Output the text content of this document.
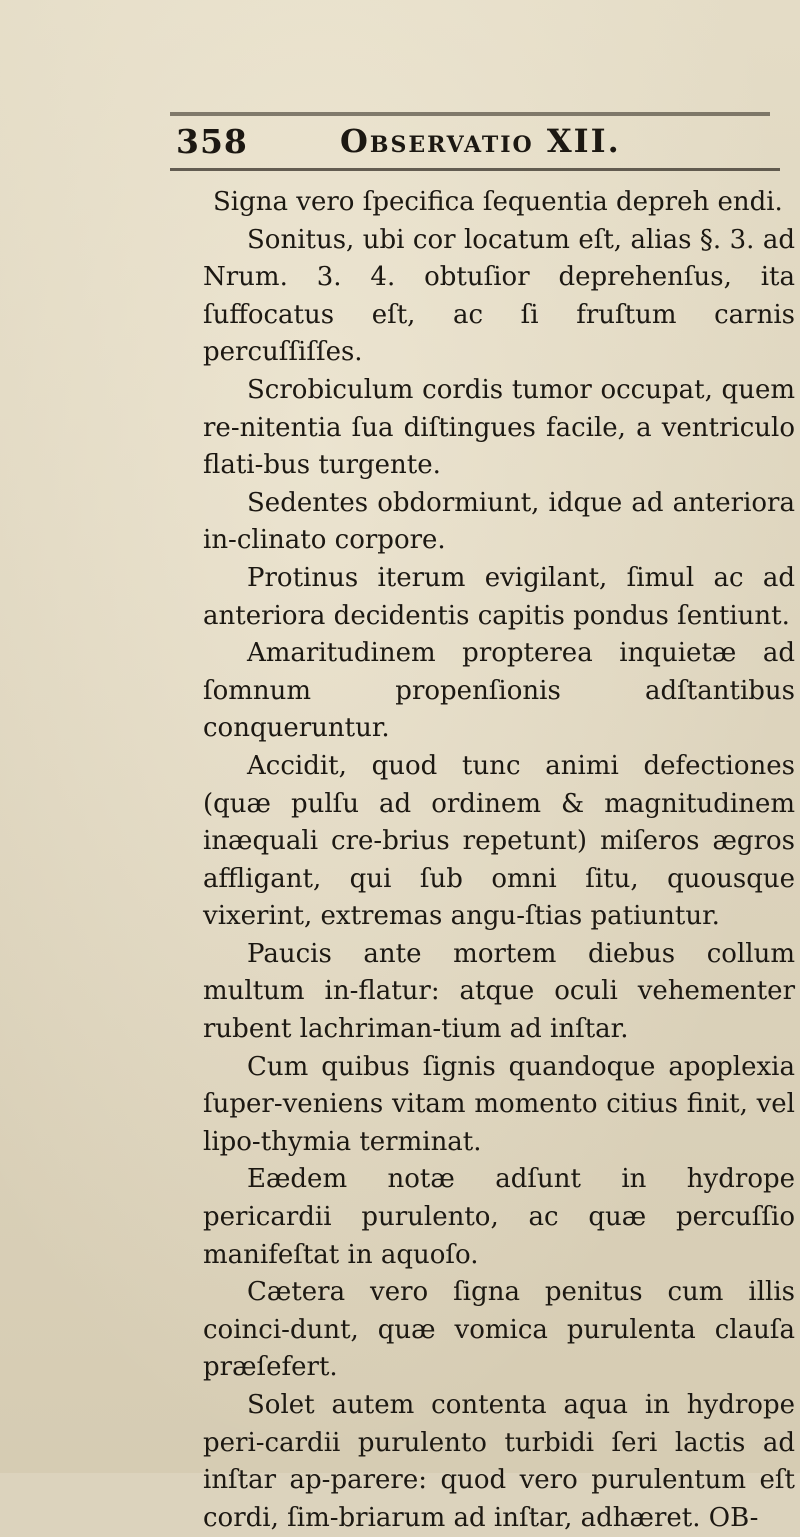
358	Observatio XII.

Signa vero ſpecifica ſequentia depreh endi.

Sonitus, ubi cor locatum eſt, alias §. 3. ad Nrum. 3. 4. obtuſior deprehenſus, ita ſuffocatus eſt, ac ſi fruſtum carnis percuſſiſſes.

Scrobiculum cordis tumor occupat, quem re-nitentia ſua diſtingues facile, a ventriculo flati-bus turgente.

Sedentes obdormiunt, idque ad anteriora in-clinato corpore.

Protinus iterum evigilant, ſimul ac ad anteriora decidentis capitis pondus ſentiunt.

Amaritudinem propterea inquietæ ad ſomnum propenſionis adſtantibus conqueruntur.

Accidit, quod tunc animi defectiones (quæ pulſu ad ordinem & magnitudinem inæquali cre-brius repetunt) miſeros ægros affligant, qui ſub omni ſitu, quousque vixerint, extremas angu-ſtias patiuntur.

Paucis ante mortem diebus collum multum in-flatur: atque oculi vehementer rubent lachriman-tium ad inſtar.

Cum quibus ſignis quandoque apoplexia ſuper-veniens vitam momento citius finit, vel lipo-thymia terminat.

Eædem notæ adſunt in hydrope pericardii purulento, ac quæ percuſſio manifeſtat in aquoſo.

Cætera vero ſigna penitus cum illis coinci-dunt, quæ vomica purulenta clauſa præſefert.

Solet autem contenta aqua in hydrope peri-cardii purulento turbidi ſeri lactis ad inſtar ap-parere: quod vero purulentum eſt cordi, ſim-briarum ad inſtar, adhæret. OB-
